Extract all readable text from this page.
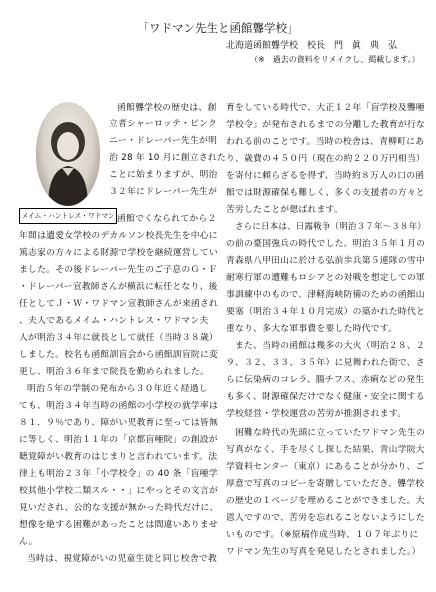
「ワドマン先生と函館聾学校」
北海道函館聾学校　校長　門　眞　典　弘
（※　過去の資料をリメイクし、掲載します。）
メイム・ハントレス・ワドマン
函館聾学校の歴史は、創
立者シャーロッテ・ピンク
ニー・ドレーパー先生が明
治 28 年 10 月に創立された
ことに始まりますが、明治
３２年にドレーパー先生が
函館でくなられてから２
年間は遺愛女学校のデカルソン校長先生を中心に
篤志家の方々による財源で学校を継続運営してい
ました。その後ドレーパー先生のご子息のＧ・Ｆ
・ドレーパー宣教師さんが横浜に転任となり、後
任としてＪ・Ｗ・ワドマン宣教師さんが来函され
、夫人であるメイム・ハントレス・ワドマン夫
人が明治３４年に就長として就任（当時３８歳）
しました。校名も函館訓盲会から函館訓盲院に変
更し、明治３６年まで院長を勤められました。
明治５年の学制の発布から３０年近く経過し
ても、明治３４年当時の函館の小学校の就学率は
８１．９％であり、障がい児教育に至っては皆無
に等しく、明治１１年の「京都盲唖院」の創設が
聴覚障がい教育のはじまりと言われています。法
律上も明治２３年「小学校令」の 40 条「盲唖学
校其他小学校二類スル・・」にやっとその文言が
見いだされ、公的な支援が無かった時代だけに、
想像を絶する困難があったことは間違いありませ
ん。
当時は、視覚障がいの児童生徒と同じ校舎で教
育をしている時代で、大正１２年「盲学校及聾唖
学校令」が発布されるまでの分離した教育が行な
われる前のことです。当時の校舎は、青柳町にあ
り、歳費の４５０円（現在の約２２０万円相当）
を寄付に頼らざるを得ず、当時約８万人の口の函
館では財源確保も難しく、多くの支援者の方々と
苦労したことが偲ばれます。
さらに日本は、日露戦争（明治３７年～３８年）
の前の臺国強兵の時代でした。明治３５年１月の
青森県八甲田山に於ける弘前歩兵第５連隊の雪中
耐寒行軍の遭難もロシアとの対戦を想定しての軍
事訓練中のもので、津軽海峡防備のための函館山
要塞（明治３４年１０月完成）の築かれた時代と
重なり、多大な軍事費を要した時代です。
また、当時の函館は幾多の大火（明治２８、２
９、３２、３３、３５年）に見舞われた街で、さ
らに伝染病のコレラ、腸チフス、赤痢などの発生
も多く、財源確保だけでなく健康・安全に関する
学校経営・学校運営の苦労が推測されます。
困難な時代の先頭に立っていたワドマン先生の
写真がなく、手を尽くし探した結果、青山学院大
学資料センター（東京）にあることが分かり、ご
厚意で写真のコピーを寄贈していただき、聾学校
の歴史の１ページを埋めることができました。大
恩人ですので、苦労を忘れることないようにした
いものです。（※原稿作成当時、１０７年ぶりに
ワドマン先生の写真を発見したとされました。）
